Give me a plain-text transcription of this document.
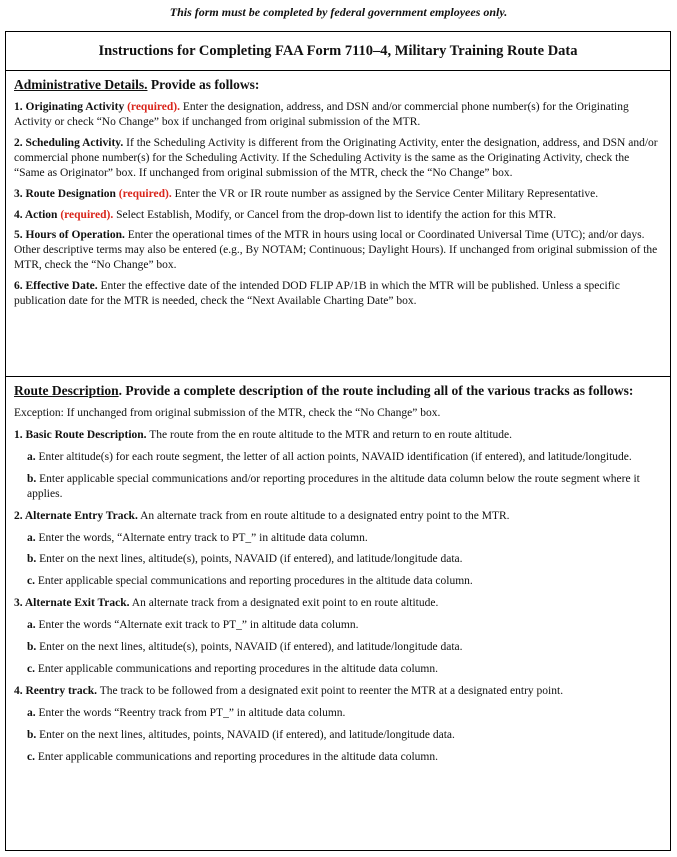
This form must be completed by federal government employees only.
Instructions for Completing FAA Form 7110–4, Military Training Route Data
Administrative Details. Provide as follows:

1. Originating Activity (required). Enter the designation, address, and DSN and/or commercial phone number(s) for the Originating Activity or check “No Change” box if unchanged from original submission of the MTR.

2. Scheduling Activity. If the Scheduling Activity is different from the Originating Activity, enter the designation, address, and DSN and/or commercial phone number(s) for the Scheduling Activity. If the Scheduling Activity is the same as the Originating Activity, check the “Same as Originator” box. If unchanged from original submission of the MTR, check the “No Change” box.

3. Route Designation (required). Enter the VR or IR route number as assigned by the Service Center Military Representative.

4. Action (required). Select Establish, Modify, or Cancel from the drop-down list to identify the action for this MTR.

5. Hours of Operation. Enter the operational times of the MTR in hours using local or Coordinated Universal Time (UTC); and/or days. Other descriptive terms may also be entered (e.g., By NOTAM; Continuous; Daylight Hours). If unchanged from original submission of the MTR, check the “No Change” box.

6. Effective Date. Enter the effective date of the intended DOD FLIP AP/1B in which the MTR will be published. Unless a specific publication date for the MTR is needed, check the “Next Available Charting Date” box.

Route Description. Provide a complete description of the route including all of the various tracks as follows:

Exception: If unchanged from original submission of the MTR, check the “No Change” box.

1. Basic Route Description. The route from the en route altitude to the MTR and return to en route altitude.

a. Enter altitude(s) for each route segment, the letter of all action points, NAVAID identification (if entered), and latitude/longitude.

b. Enter applicable special communications and/or reporting procedures in the altitude data column below the route segment where it applies.

2. Alternate Entry Track. An alternate track from en route altitude to a designated entry point to the MTR.

a. Enter the words, “Alternate entry track to PT_” in altitude data column.

b. Enter on the next lines, altitude(s), points, NAVAID (if entered), and latitude/longitude data.

c. Enter applicable special communications and reporting procedures in the altitude data column.

3. Alternate Exit Track. An alternate track from a designated exit point to en route altitude.

a. Enter the words “Alternate exit track to PT_” in altitude data column.

b. Enter on the next lines, altitude(s), points, NAVAID (if entered), and latitude/longitude data.

c. Enter applicable communications and reporting procedures in the altitude data column.

4. Reentry track. The track to be followed from a designated exit point to reenter the MTR at a designated entry point.

a. Enter the words “Reentry track from PT_” in altitude data column.

b. Enter on the next lines, altitudes, points, NAVAID (if entered), and latitude/longitude data.

c. Enter applicable communications and reporting procedures in the altitude data column.
